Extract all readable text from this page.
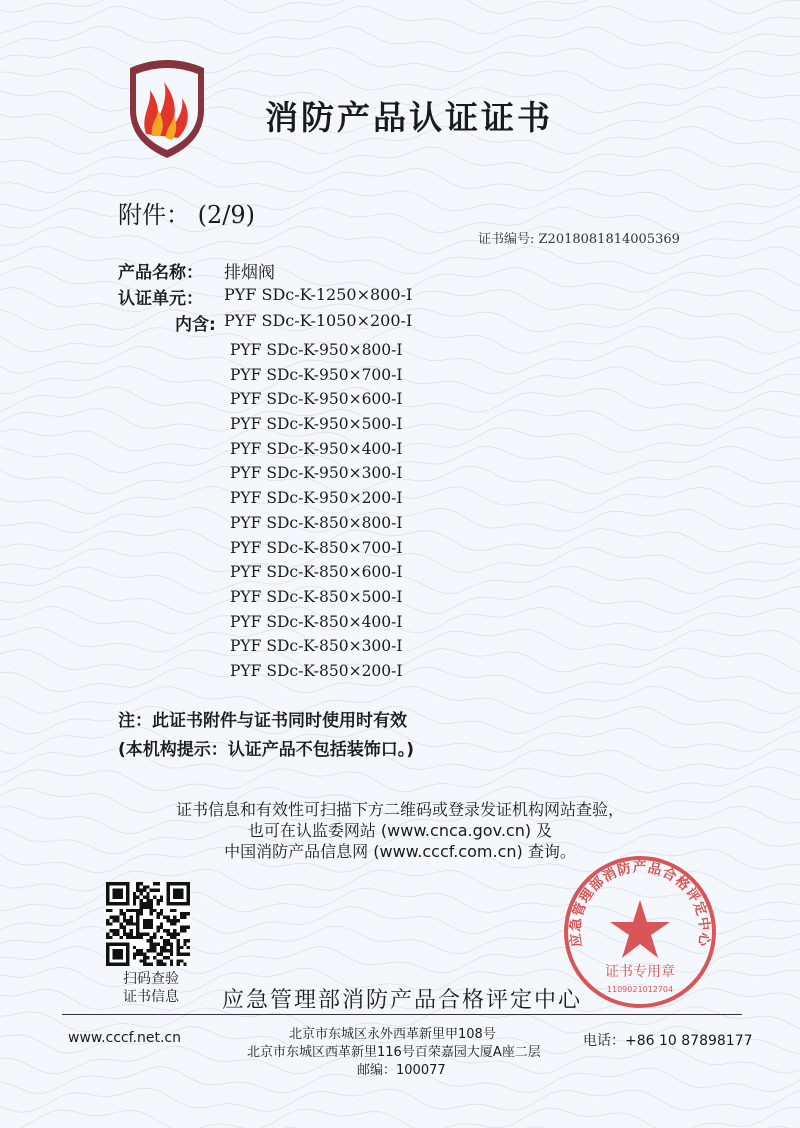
消防产品认证证书
附件： (2/9)
证书编号: Z2018081814005369
产品名称： 排烟阀
认证单元： PYF SDc-K-1250×800-I
内含: PYF SDc-K-1050×200-I
PYF SDc-K-950×800-I
PYF SDc-K-950×700-I
PYF SDc-K-950×600-I
PYF SDc-K-950×500-I
PYF SDc-K-950×400-I
PYF SDc-K-950×300-I
PYF SDc-K-950×200-I
PYF SDc-K-850×800-I
PYF SDc-K-850×700-I
PYF SDc-K-850×600-I
PYF SDc-K-850×500-I
PYF SDc-K-850×400-I
PYF SDc-K-850×300-I
PYF SDc-K-850×200-I
注：此证书附件与证书同时使用时有效
(本机构提示：认证产品不包括装饰口。)
证书信息和有效性可扫描下方二维码或登录发证机构网站查验，
也可在认监委网站 (www.cnca.gov.cn) 及
中国消防产品信息网 (www.cccf.com.cn) 查询。
扫码查验
证书信息	应急管理部消防产品合格评定中心
应急管理部消防产品合格评定中心
证书专用章
1109021012704
www.cccf.net.cn	北京市东城区永外西革新里甲108号
北京市东城区西革新里116号百荣嘉园大厦A座二层
邮编：100077
电话：+86 10 87898177
